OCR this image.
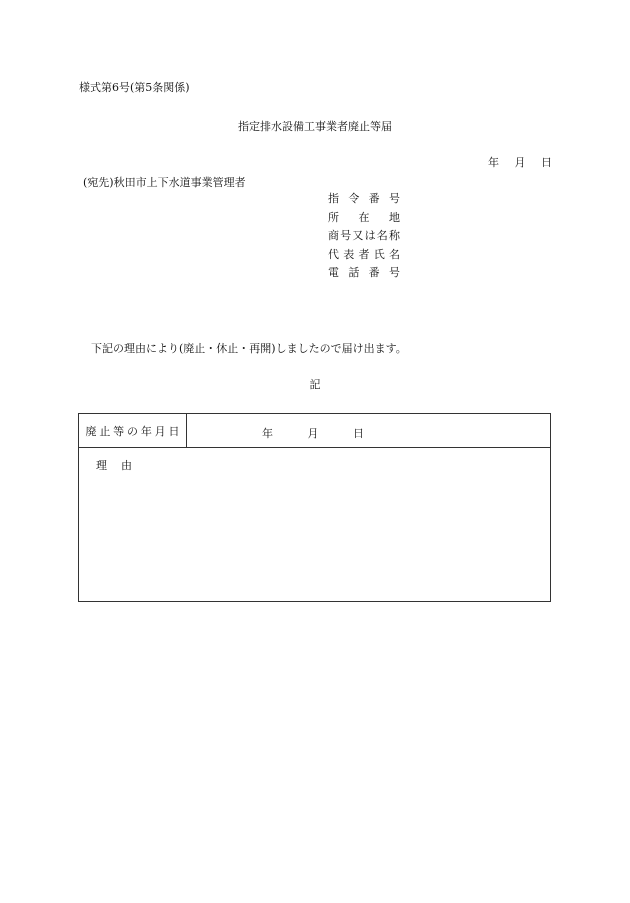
様式第6号(第5条関係)
指定排水設備工事業者廃止等届
年 月 日
(宛先)秋田市上下水道事業管理者
指 令 番 号
所 在 地
商 号 又 は 名 称
代 表 者 氏 名
電 話 番 号
下記の理由により(廃止・休止・再開)しましたので届け出ます。
記
廃 止 等 の 年 月 日	年	月	日
理 由
